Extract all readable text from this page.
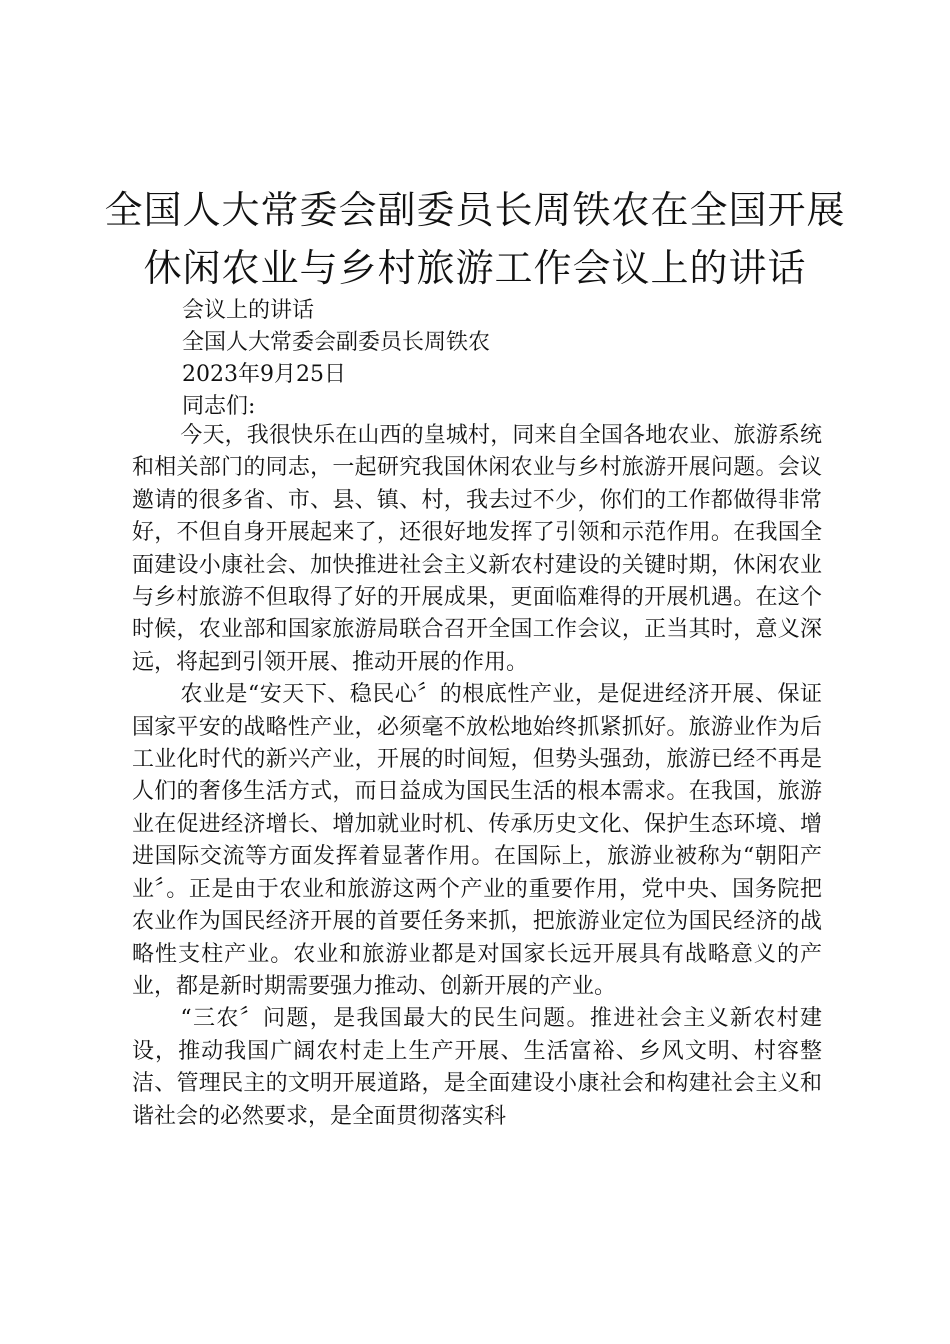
全国人大常委会副委员长周铁农在全国开展
休闲农业与乡村旅游工作会议上的讲话
会议上的讲话
全国人大常委会副委员长周铁农
2023年9月25日
同志们:

今天，我很快乐在山西的皇城村，同来自全国各地农业、旅游系统和相关部门的同志，一起研究我国休闲农业与乡村旅游开展问题。会议邀请的很多省、市、县、镇、村，我去过不少，你们的工作都做得非常好，不但自身开展起来了，还很好地发挥了引领和示范作用。在我国全面建设小康社会、加快推进社会主义新农村建设的关键时期，休闲农业与乡村旅游不但取得了好的开展成果，更面临难得的开展机遇。在这个时候，农业部和国家旅游局联合召开全国工作会议，正当其时，意义深远，将起到引领开展、推动开展的作用。

农业是“安天下、稳民心〞的根底性产业，是促进经济开展、保证国家平安的战略性产业，必须毫不放松地始终抓紧抓好。旅游业作为后工业化时代的新兴产业，开展的时间短，但势头强劲，旅游已经不再是人们的奢侈生活方式，而日益成为国民生活的根本需求。在我国，旅游业在促进经济增长、增加就业时机、传承历史文化、保护生态环境、增进国际交流等方面发挥着显著作用。在国际上，旅游业被称为“朝阳产业〞。正是由于农业和旅游这两个产业的重要作用，党中央、国务院把农业作为国民经济开展的首要任务来抓，把旅游业定位为国民经济的战略性支柱产业。农业和旅游业都是对国家长远开展具有战略意义的产业，都是新时期需要强力推动、创新开展的产业。

“三农〞问题，是我国最大的民生问题。推进社会主义新农村建设，推动我国广阔农村走上生产开展、生活富裕、乡风文明、村容整洁、管理民主的文明开展道路，是全面建设小康社会和构建社会主义和谐社会的必然要求，是全面贯彻落实科
